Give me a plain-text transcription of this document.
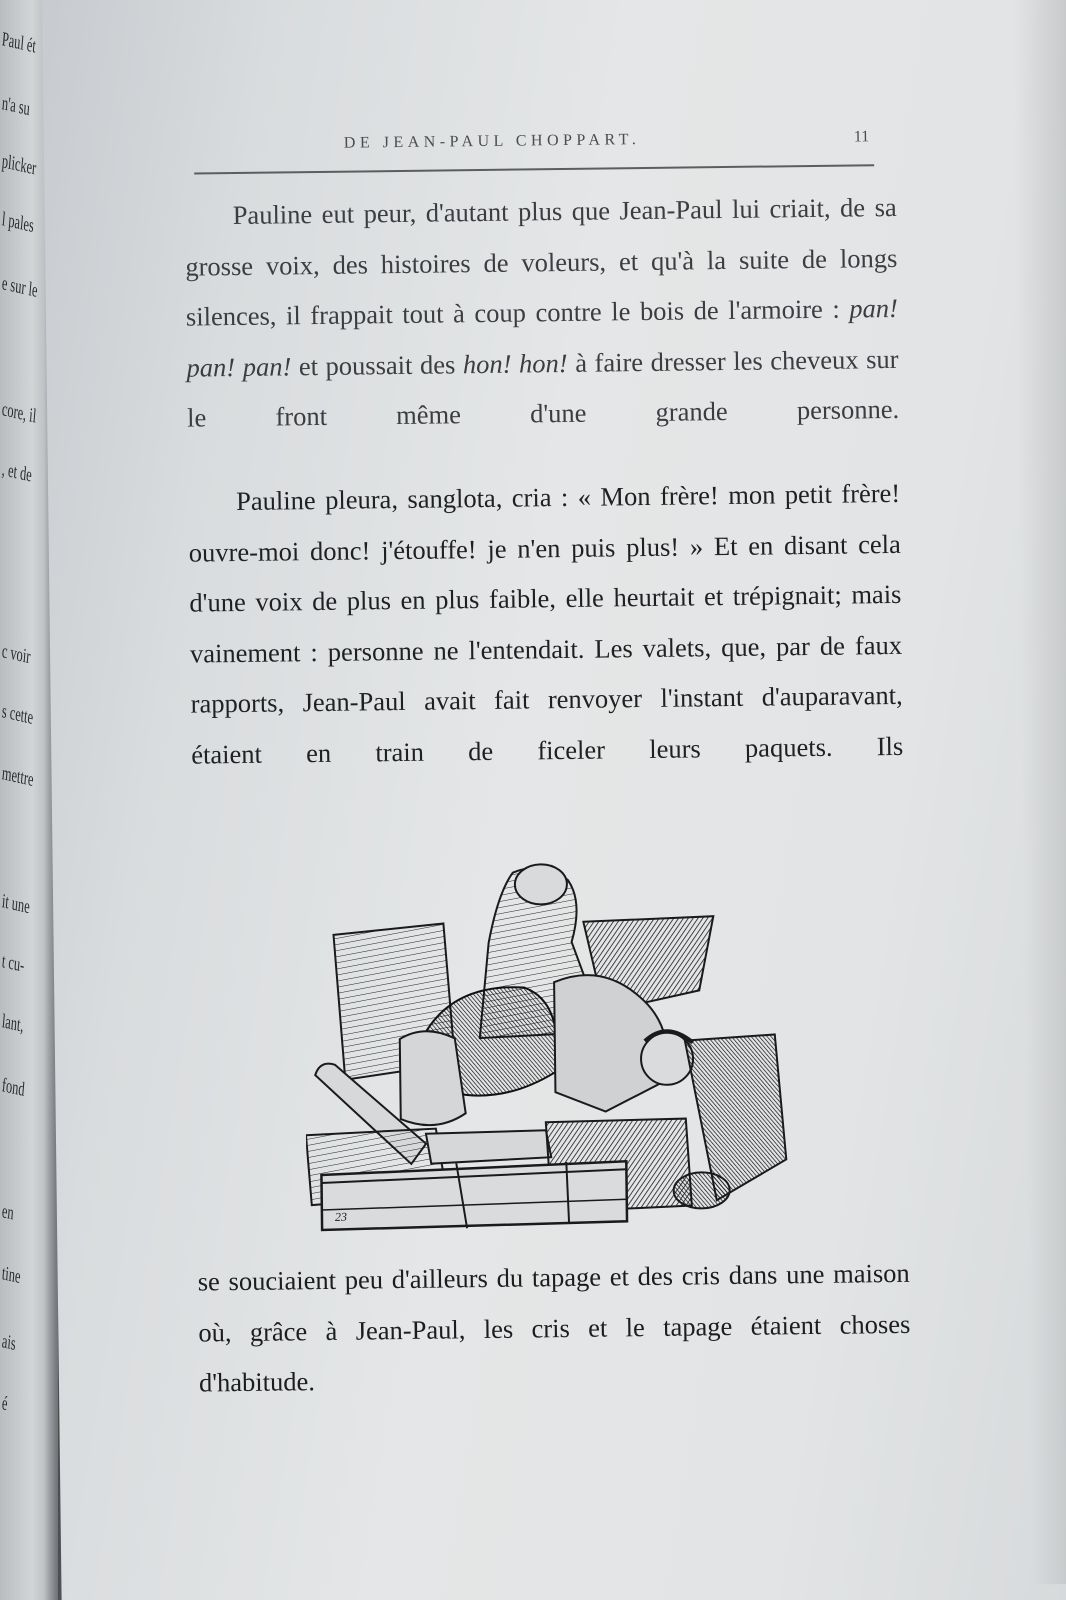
Paul ét
n'a su
plicker
l pales
e sur le
core, il
, et de
c voir
s cette
mettre
it une
t cu-
lant,
fond
en
tine
ais
é
DE JEAN-PAUL CHOPPART.	11

Pauline eut peur, d'autant plus que Jean-Paul lui criait, de sa grosse voix, des histoires de voleurs, et qu'à la suite de longs silences, il frappait tout à coup contre le bois de l'armoire : pan! pan! pan! et poussait des hon! hon! à faire dresser les cheveux sur le front même d'une grande personne.

Pauline pleura, sanglota, cria : « Mon frère! mon petit frère! ouvre-moi donc! j'étouffe! je n'en puis plus! » Et en disant cela d'une voix de plus en plus faible, elle heurtait et trépignait; mais vainement : personne ne l'entendait. Les valets, que, par de faux rapports, Jean-Paul avait fait renvoyer l'instant d'auparavant, étaient en train de ficeler leurs paquets. Ils

23

se souciaient peu d'ailleurs du tapage et des cris dans une maison où, grâce à Jean-Paul, les cris et le tapage étaient choses d'habitude.
